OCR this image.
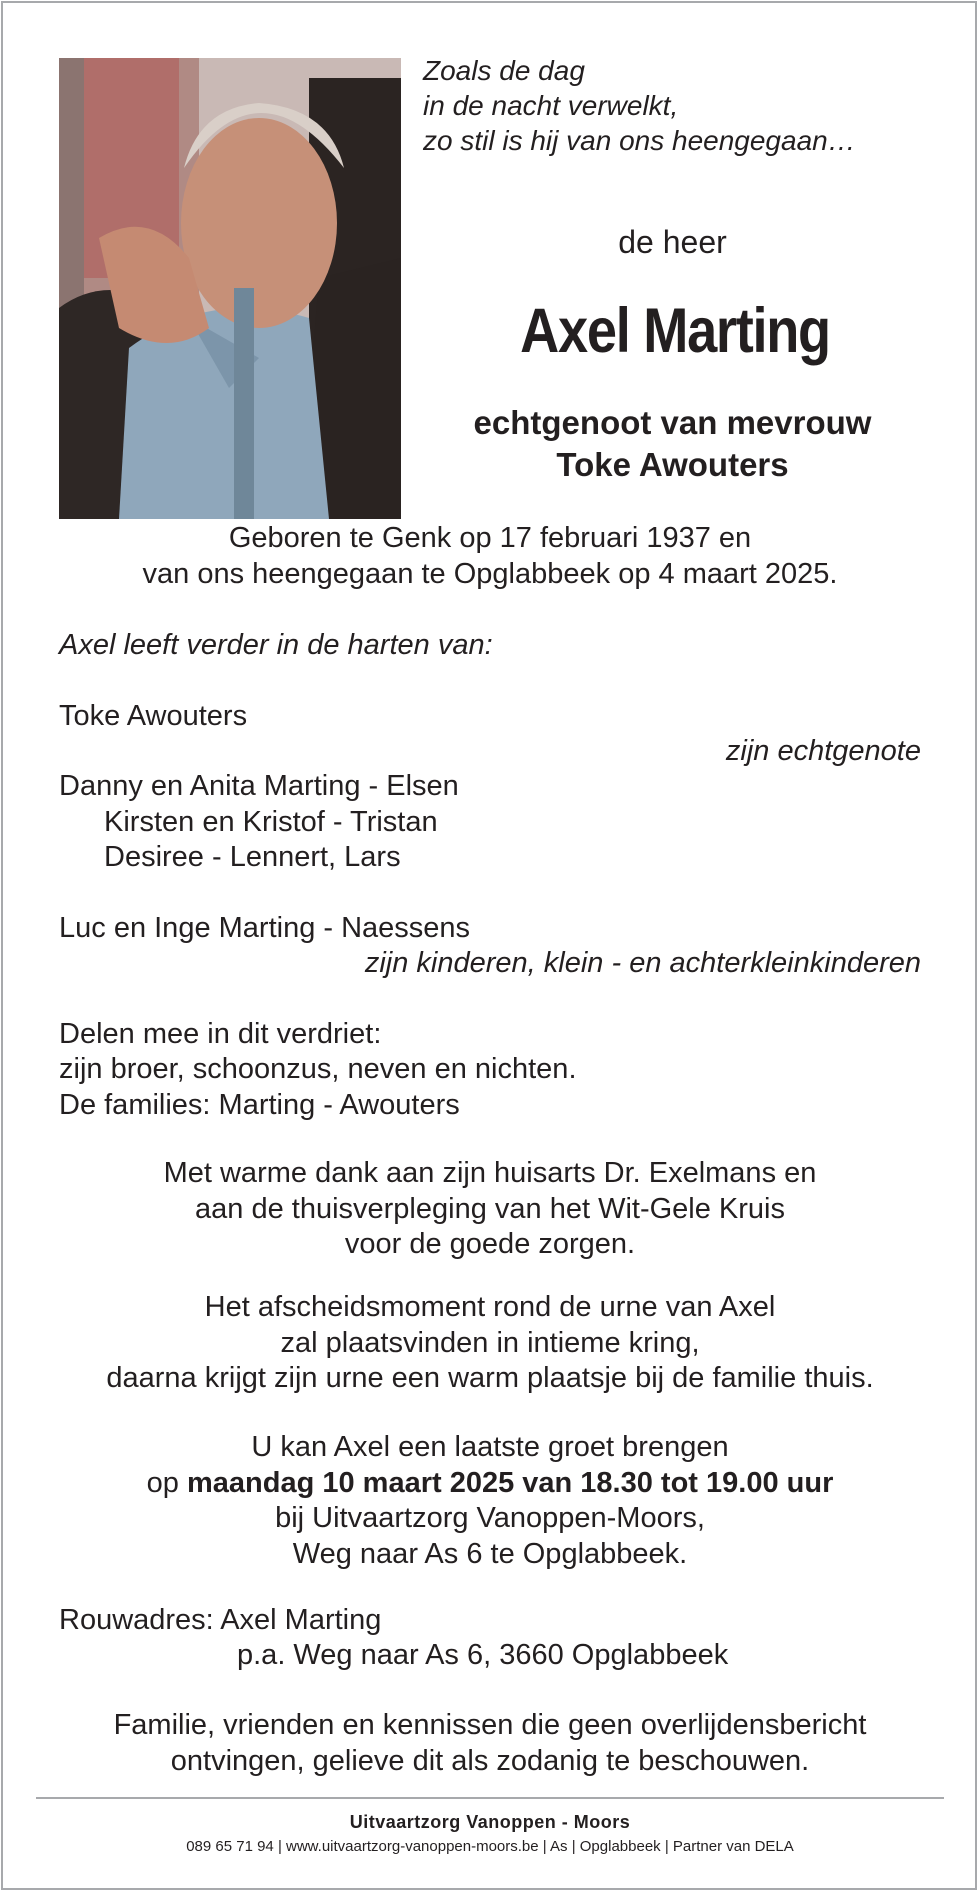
Zoals de dag
in de nacht verwelkt,
zo stil is hij van ons heengegaan…
de heer
Axel Marting
echtgenoot van mevrouw
Toke Awouters
Geboren te Genk op 17 februari 1937 en
van ons heengegaan te Opglabbeek op 4 maart 2025.
Axel leeft verder in de harten van:
Toke Awouters
zijn echtgenote
Danny en Anita Marting - Elsen
Kirsten en Kristof - Tristan
Desiree - Lennert, Lars
Luc en Inge Marting - Naessens
zijn kinderen, klein - en achterkleinkinderen
Delen mee in dit verdriet:
zijn broer, schoonzus, neven en nichten.
De families: Marting - Awouters
Met warme dank aan zijn huisarts Dr. Exelmans en
aan de thuisverpleging van het Wit-Gele Kruis
voor de goede zorgen.
Het afscheidsmoment rond de urne van Axel
zal plaatsvinden in intieme kring,
daarna krijgt zijn urne een warm plaatsje bij de familie thuis.
U kan Axel een laatste groet brengen
op maandag 10 maart 2025 van 18.30 tot 19.00 uur
bij Uitvaartzorg Vanoppen-Moors,
Weg naar As 6 te Opglabbeek.
Rouwadres: Axel Marting
p.a. Weg naar As 6, 3660 Opglabbeek
Familie, vrienden en kennissen die geen overlijdensbericht
ontvingen, gelieve dit als zodanig te beschouwen.
Uitvaartzorg Vanoppen - Moors
089 65 71 94 | www.uitvaartzorg-vanoppen-moors.be | As | Opglabbeek | Partner van DELA
